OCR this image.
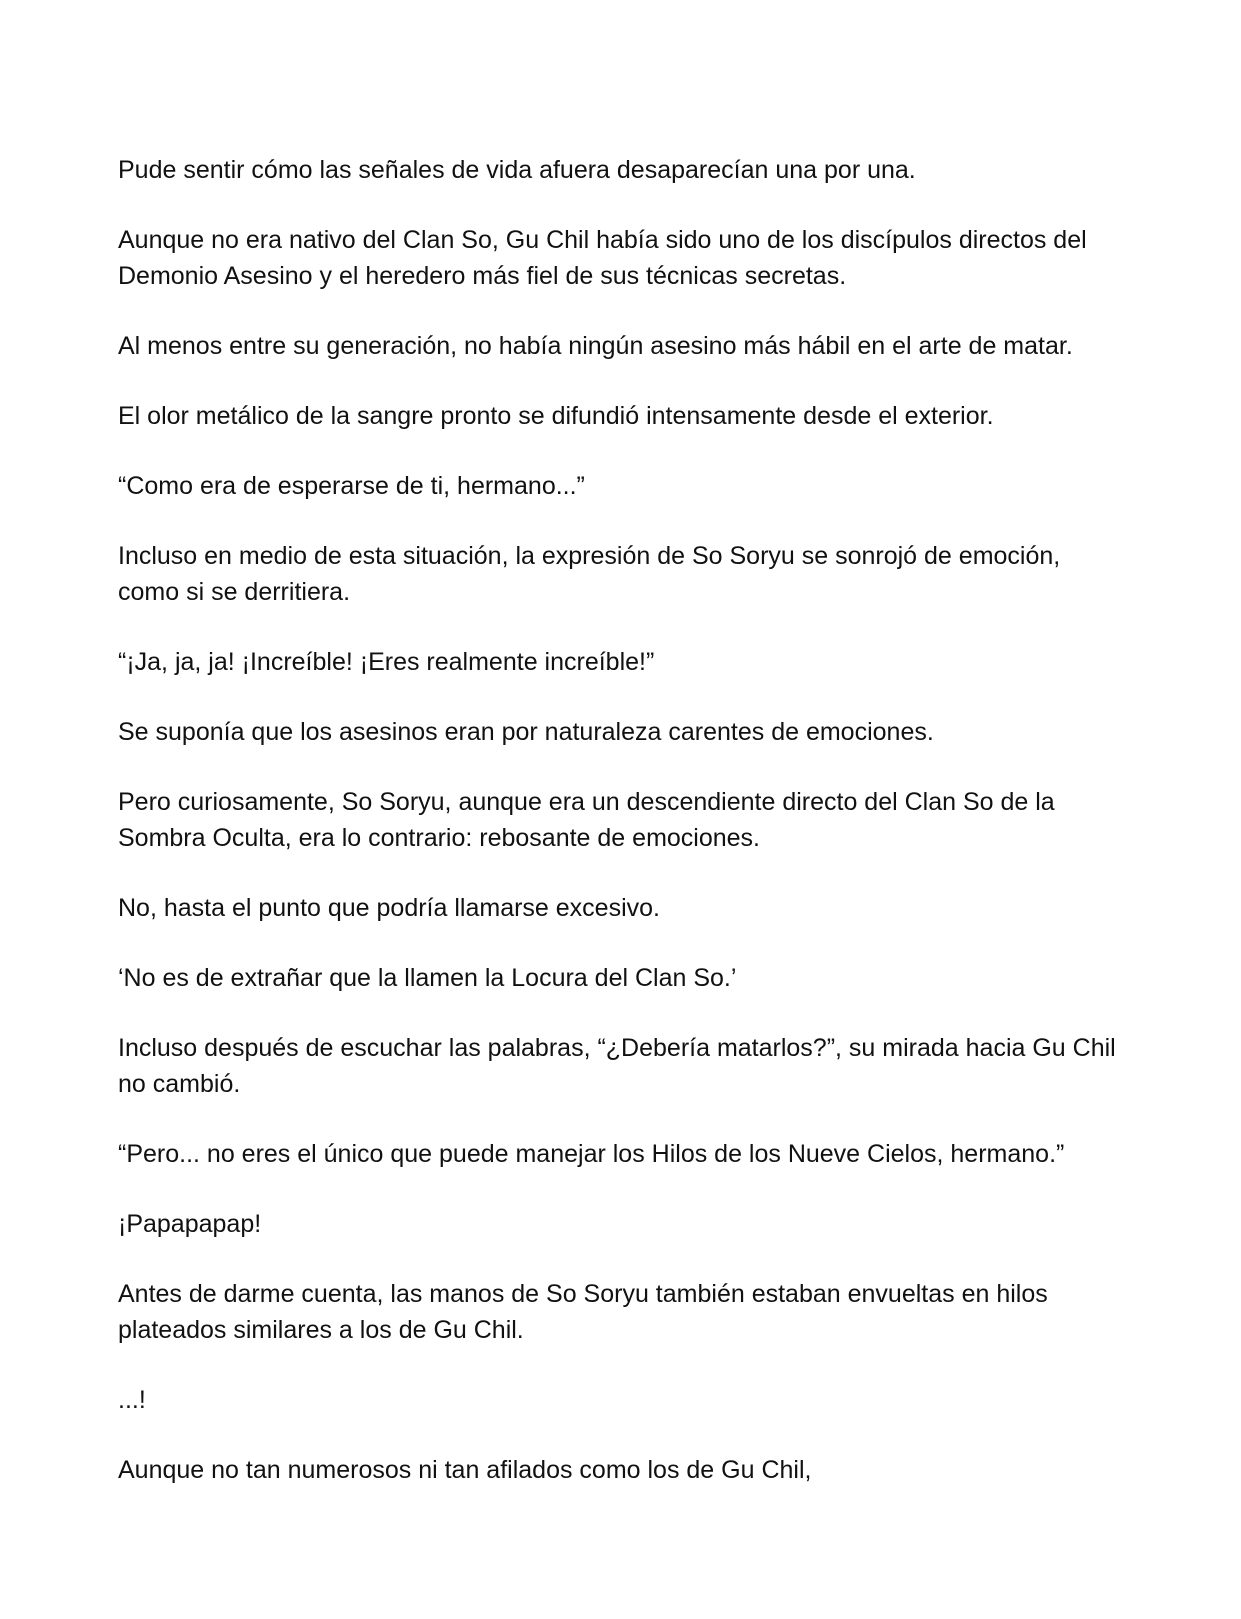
Pude sentir cómo las señales de vida afuera desaparecían una por una.

Aunque no era nativo del Clan So, Gu Chil había sido uno de los discípulos directos del Demonio Asesino y el heredero más fiel de sus técnicas secretas.

Al menos entre su generación, no había ningún asesino más hábil en el arte de matar.

El olor metálico de la sangre pronto se difundió intensamente desde el exterior.

“Como era de esperarse de ti, hermano...”

Incluso en medio de esta situación, la expresión de So Soryu se sonrojó de emoción, como si se derritiera.

“¡Ja, ja, ja! ¡Increíble! ¡Eres realmente increíble!”

Se suponía que los asesinos eran por naturaleza carentes de emociones.

Pero curiosamente, So Soryu, aunque era un descendiente directo del Clan So de la Sombra Oculta, era lo contrario: rebosante de emociones.

No, hasta el punto que podría llamarse excesivo.

‘No es de extrañar que la llamen la Locura del Clan So.’

Incluso después de escuchar las palabras, “¿Debería matarlos?”, su mirada hacia Gu Chil no cambió.

“Pero... no eres el único que puede manejar los Hilos de los Nueve Cielos, hermano.”

¡Papapapap!

Antes de darme cuenta, las manos de So Soryu también estaban envueltas en hilos plateados similares a los de Gu Chil.

...!

Aunque no tan numerosos ni tan afilados como los de Gu Chil,
